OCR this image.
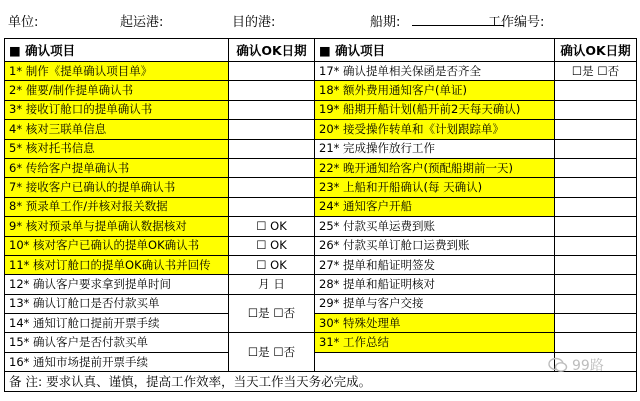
单位:	起运港:	目的港:	船期:	工作编号:
■ 确认项目	确认OK日期	■ 确认项目	确认OK日期
1* 制作《提单确认项目单》		17* 确认提单相关保函是否齐全	☐是 ☐否
2* 催要/制作提单确认书		18* 额外费用通知客户(单证)	
3* 接收订舱口的提单确认书		19* 船期开船计划(船开前2天每天确认)	
4* 核对三联单信息		20* 接受操作转单和《计划跟踪单》	
5* 核对托书信息		21* 完成操作放行工作	
6* 传给客户提单确认书		22* 晚开通知给客户(预配船期前一天)	
7* 接收客户已确认的提单确认书		23* 上船和开船确认(每 天确认)	
8* 预录单工作/并核对报关数据		24* 通知客户开船	
9* 核对预录单与提单确认数据核对	☐ OK	25* 付款买单运费到账	
10* 核对客户已确认的提单OK确认书	☐ OK	26* 付款买单订舱口运费到账	
11* 核对订舱口的提单OK确认书并回传	☐ OK	27* 提单和船证明签发	
12* 确认客户要求拿到提单时间	月 日	28* 提单和船证明核对	
13* 确认订舱口是否付款买单	☐是 ☐否	29* 提单与客户交接	
14* 通知订舱口提前开票手续		30* 特殊处理单	
15* 确认客户是否付款买单	☐是 ☐否	31* 工作总结	
16* 通知市场提前开票手续			
备 注: 要求认真、谨慎，提高工作效率，当天工作当天务必完成。			
99路
